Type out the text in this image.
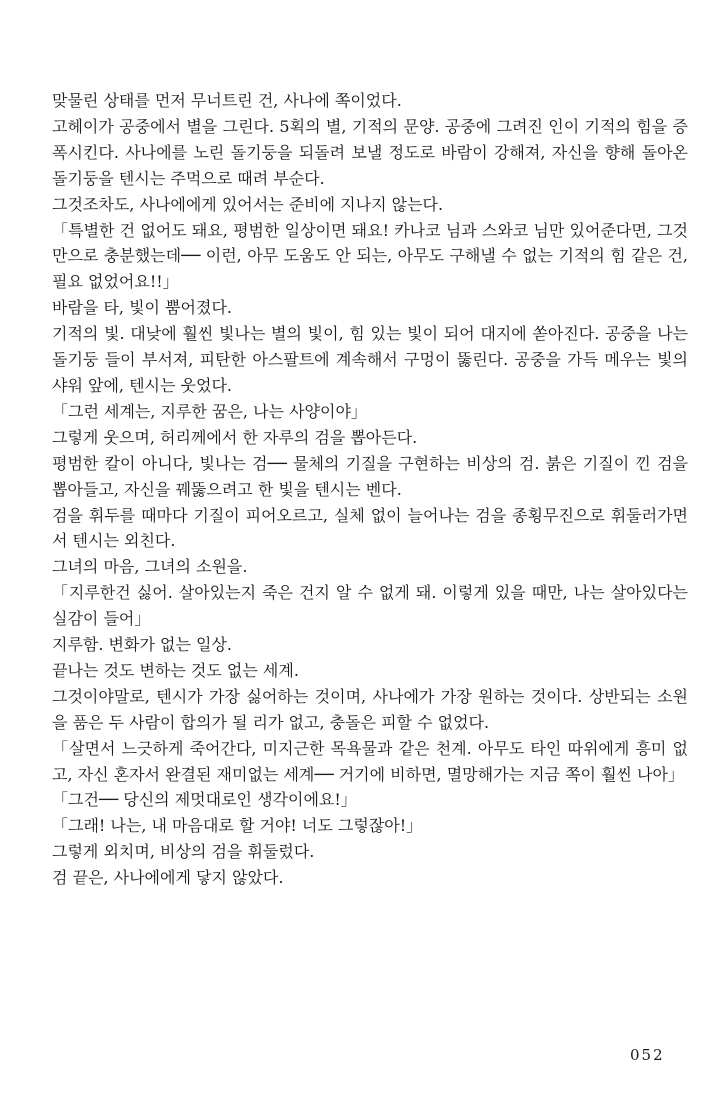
맞물린 상태를 먼저 무너트린 건, 사나에 쪽이었다.

고헤이가 공중에서 별을 그린다. 5획의 별, 기적의 문양. 공중에 그려진 인이 기적의 힘을 증폭시킨다. 사나에를 노린 돌기둥을 되돌려 보낼 정도로 바람이 강해져, 자신을 향해 돌아온 돌기둥을 텐시는 주먹으로 때려 부순다.

그것조차도, 사나에에게 있어서는 준비에 지나지 않는다.

「특별한 건 없어도 돼요, 평범한 일상이면 돼요! 카나코 님과 스와코 님만 있어준다면, 그것만으로 충분했는데── 이런, 아무 도움도 안 되는, 아무도 구해낼 수 없는 기적의 힘 같은 건, 필요 없었어요!!」

바람을 타, 빛이 뿜어졌다.

기적의 빛. 대낮에 훨씬 빛나는 별의 빛이, 힘 있는 빛이 되어 대지에 쏟아진다. 공중을 나는 돌기둥 들이 부서져, 피탄한 아스팔트에 계속해서 구멍이 뚫린다. 공중을 가득 메우는 빛의 샤워 앞에, 텐시는 웃었다.

「그런 세계는, 지루한 꿈은, 나는 사양이야」

그렇게 웃으며, 허리께에서 한 자루의 검을 뽑아든다.

평범한 칼이 아니다, 빛나는 검── 물체의 기질을 구현하는 비상의 검. 붉은 기질이 낀 검을 뽑아들고, 자신을 꿰뚫으려고 한 빛을 텐시는 벤다.

검을 휘두를 때마다 기질이 피어오르고, 실체 없이 늘어나는 검을 종횡무진으로 휘둘러가면서 텐시는 외친다.

그녀의 마음, 그녀의 소원을.

「지루한건 싫어. 살아있는지 죽은 건지 알 수 없게 돼. 이렇게 있을 때만, 나는 살아있다는 실감이 들어」

지루함. 변화가 없는 일상.

끝나는 것도 변하는 것도 없는 세계.

그것이야말로, 텐시가 가장 싫어하는 것이며, 사나에가 가장 원하는 것이다. 상반되는 소원을 품은 두 사람이 합의가 될 리가 없고, 충돌은 피할 수 없었다.

「살면서 느긋하게 죽어간다, 미지근한 목욕물과 같은 천계. 아무도 타인 따위에게 흥미 없고, 자신 혼자서 완결된 재미없는 세계── 거기에 비하면, 멸망해가는 지금 쪽이 훨씬 나아」

「그건── 당신의 제멋대로인 생각이에요!」

「그래! 나는, 내 마음대로 할 거야! 너도 그렇잖아!」

그렇게 외치며, 비상의 검을 휘둘렀다.

검 끝은, 사나에에게 닿지 않았다.

052
